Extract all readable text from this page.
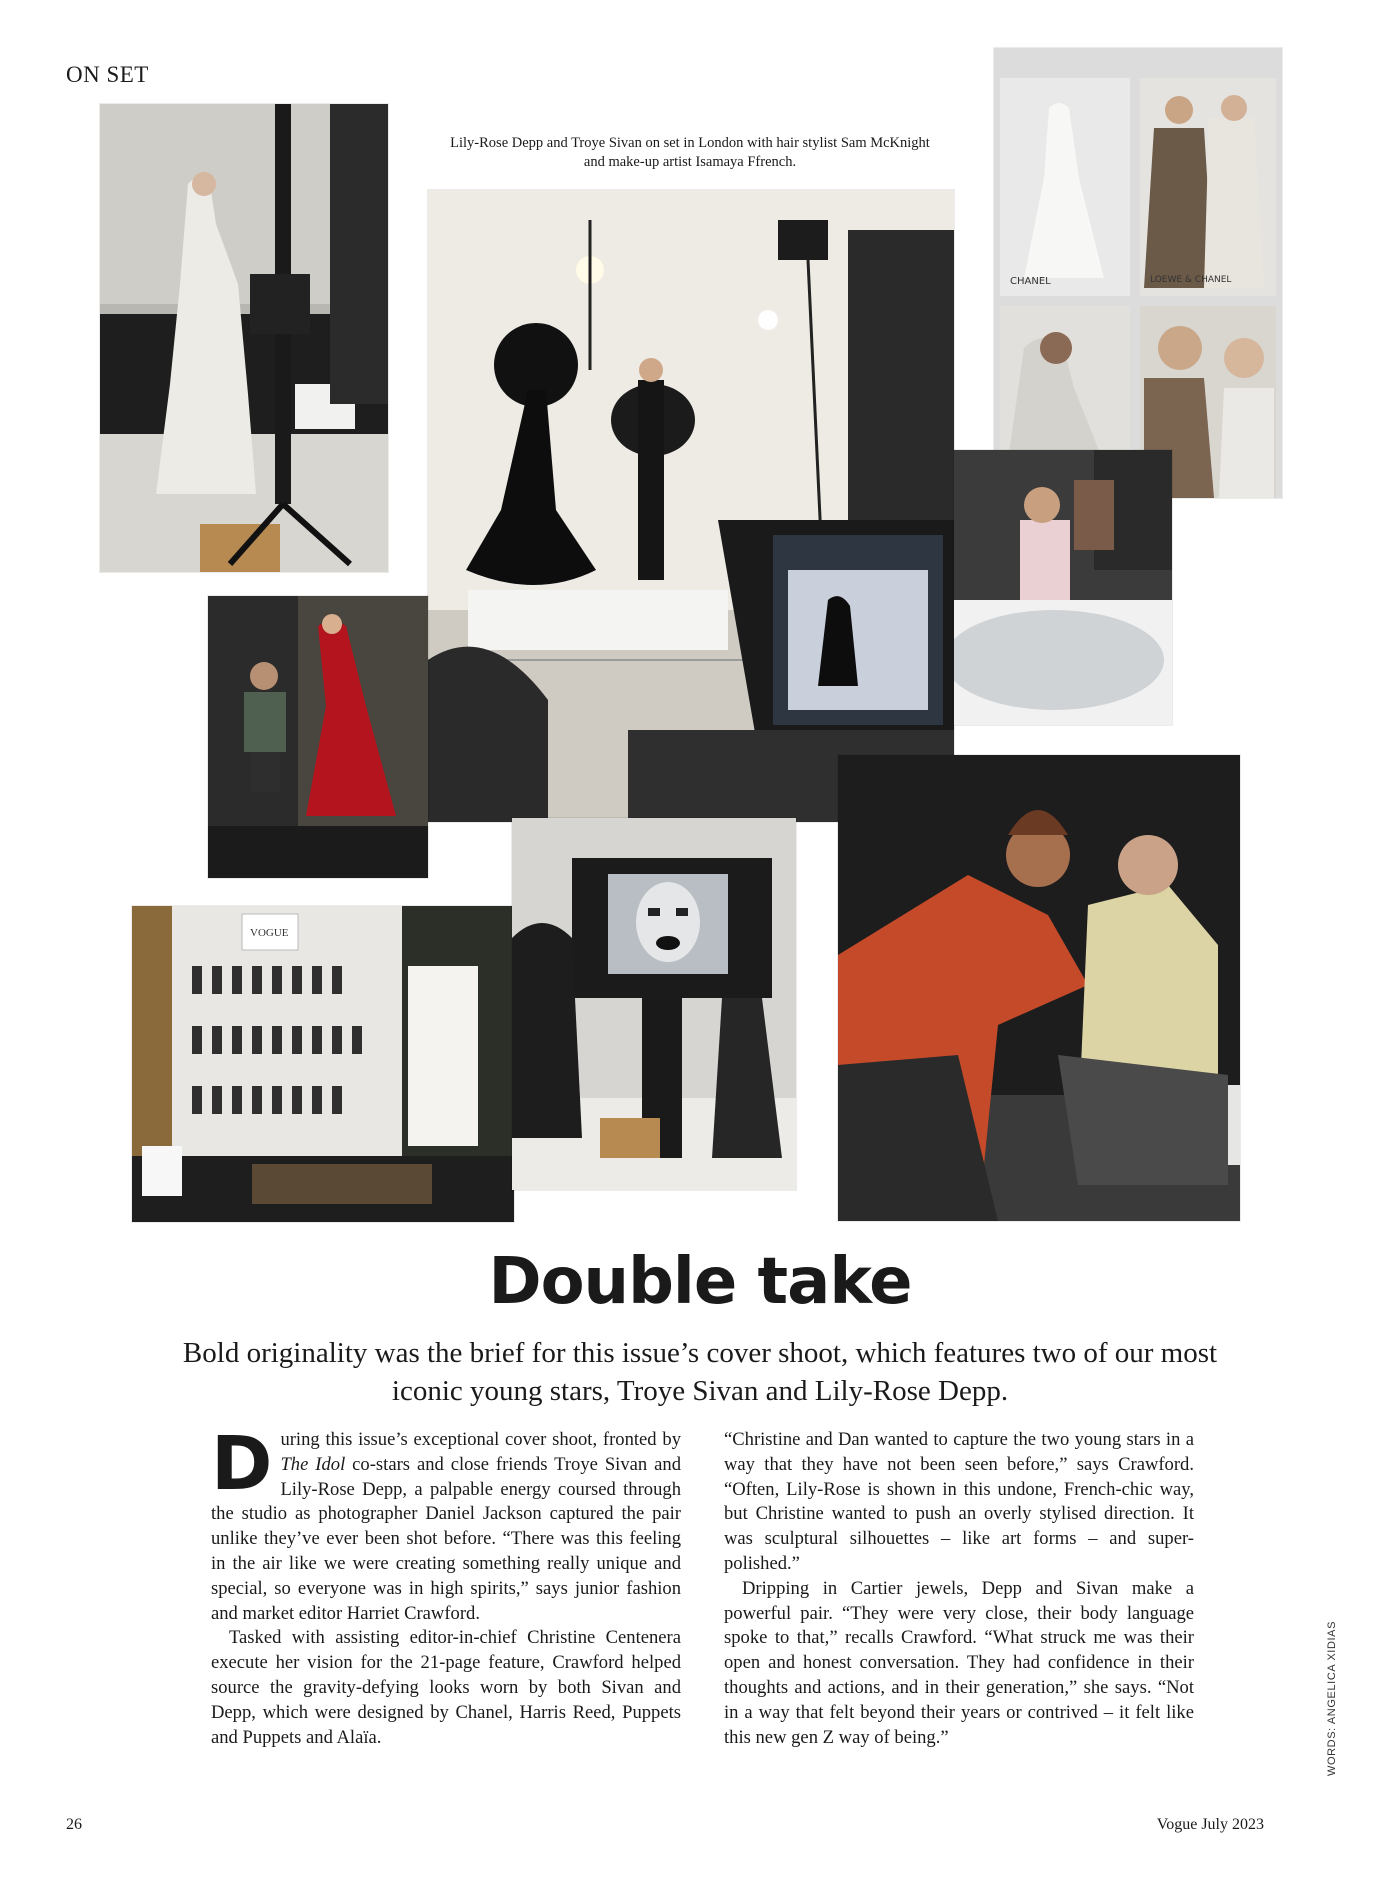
ON SET
Lily-Rose Depp and Troye Sivan on set in London with hair stylist Sam McKnight and make-up artist Isamaya Ffrench.
CHANEL	LOEWE & CHANEL
VOGUE
Double take
Bold originality was the brief for this issue’s cover shoot, which features two of our most iconic young stars, Troye Sivan and Lily-Rose Depp.

During this issue’s exceptional cover shoot, fronted by The Idol co-stars and close friends Troye Sivan and Lily-Rose Depp, a palpable energy coursed through the studio as photographer Daniel Jackson captured the pair unlike they’ve ever been shot before. “There was this feeling in the air like we were creating something really unique and special, so everyone was in high spirits,” says junior fashion and market editor Harriet Crawford.

Tasked with assisting editor-in-chief Christine Centenera execute her vision for the 21-page feature, Crawford helped source the gravity-defying looks worn by both Sivan and Depp, which were designed by Chanel, Harris Reed, Puppets and Puppets and Alaïa.

“Christine and Dan wanted to capture the two young stars in a way that they have not been seen before,” says Crawford. “Often, Lily-Rose is shown in this undone, French-chic way, but Christine wanted to push an overly stylised direction. It was sculptural silhouettes – like art forms – and super-polished.”

Dripping in Cartier jewels, Depp and Sivan make a powerful pair. “They were very close, their body language spoke to that,” recalls Crawford. “What struck me was their open and honest conversation. They had confidence in their thoughts and actions, and in their generation,” she says. “Not in a way that felt beyond their years or contrived – it felt like this new gen Z way of being.”	WORDS: ANGELICA XIDIAS
26	Vogue July 2023
